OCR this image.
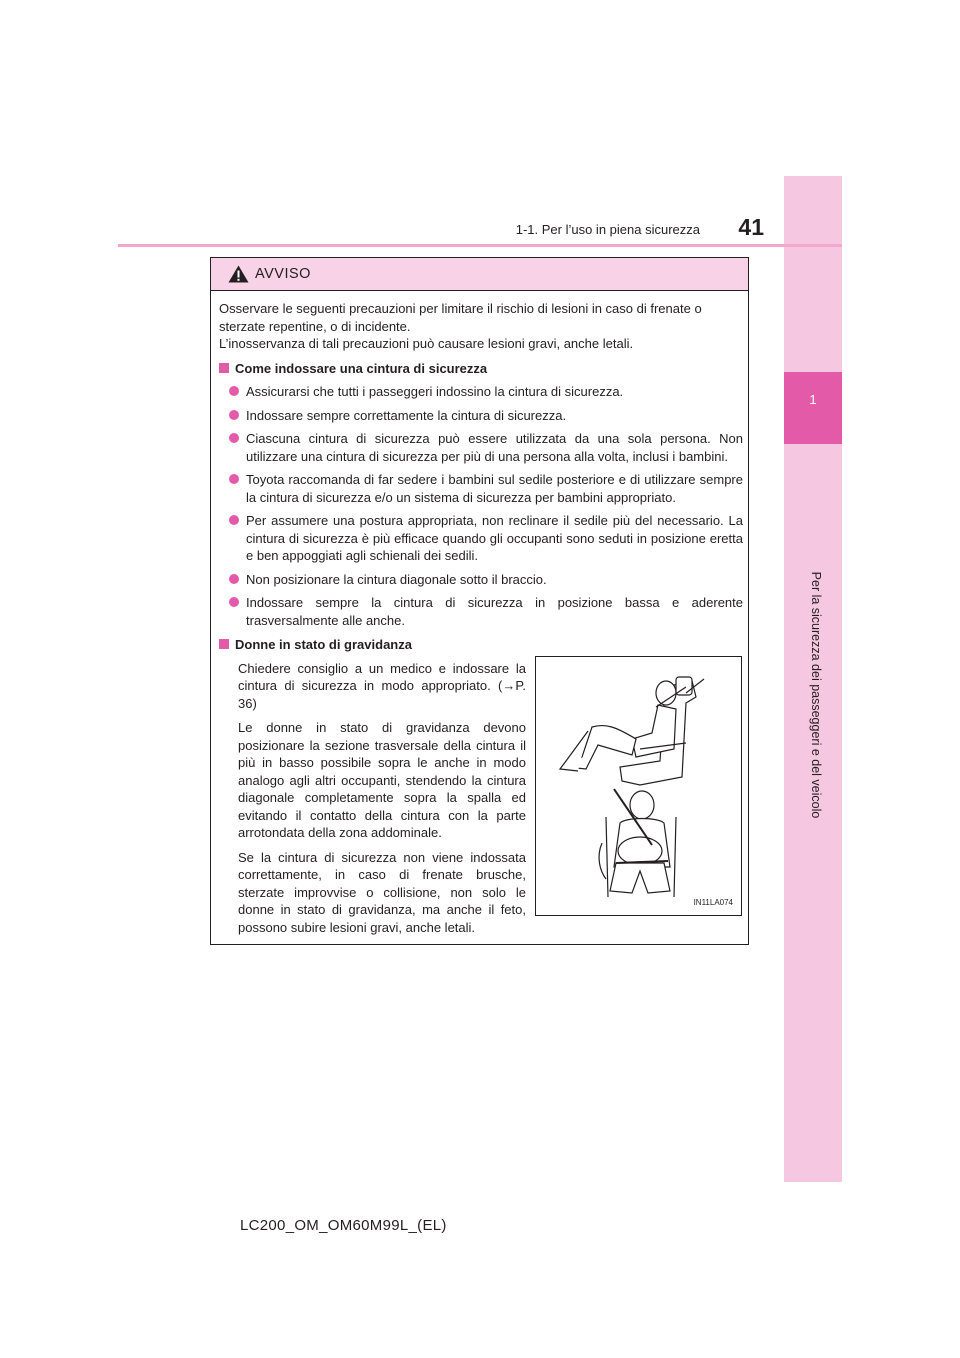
1
Per la sicurezza dei passeggeri e del veicolo
1-1. Per l’uso in piena sicurezza	41
AVVISO

Osservare le seguenti precauzioni per limitare il rischio di lesioni in caso di frenate o

sterzate repentine, o di incidente.

L’inosservanza di tali precauzioni può causare lesioni gravi, anche letali.

Come indossare una cintura di sicurezza
Assicurarsi che tutti i passeggeri indossino la cintura di sicurezza.
Indossare sempre correttamente la cintura di sicurezza.
Ciascuna cintura di sicurezza può essere utilizzata da una sola persona. Non utilizzare una cintura di sicurezza per più di una persona alla volta, inclusi i bambini.
Toyota raccomanda di far sedere i bambini sul sedile posteriore e di utilizzare sempre la cintura di sicurezza e/o un sistema di sicurezza per bambini appropriato.
Per assumere una postura appropriata, non reclinare il sedile più del necessario. La cintura di sicurezza è più efficace quando gli occupanti sono seduti in posizione eretta e ben appoggiati agli schienali dei sedili.
Non posizionare la cintura diagonale sotto il braccio.
Indossare sempre la cintura di sicurezza in posizione bassa e aderente trasversalmente alle anche.
Donne in stato di gravidanza

Chiedere consiglio a un medico e indossare la cintura di sicurezza in modo appropriato. (→P. 36)

Le donne in stato di gravidanza devono posizionare la sezione trasversale della cintura il più in basso possibile sopra le anche in modo analogo agli altri occupanti, stendendo la cintura diagonale completamente sopra la spalla ed evitando il contatto della cintura con la parte arrotondata della zona addominale.

Se la cintura di sicurezza non viene indossata correttamente, in caso di frenate brusche, sterzate improvvise o collisione, non solo le donne in stato di gravidanza, ma anche il feto, possono subire lesioni gravi, anche letali.

IN11LA074
LC200_OM_OM60M99L_(EL)
